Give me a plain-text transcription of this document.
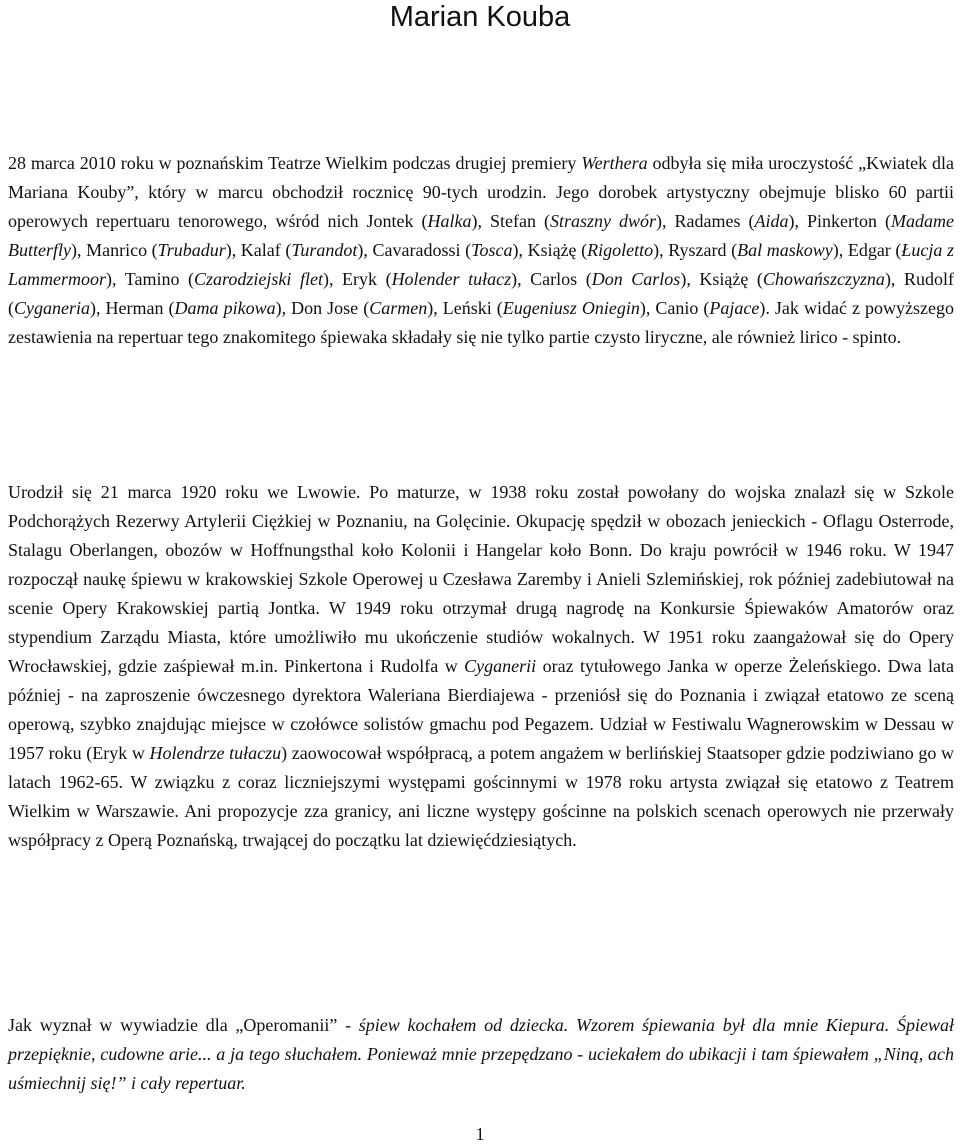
Marian Kouba

28 marca 2010 roku w poznańskim Teatrze Wielkim podczas drugiej premiery Werthera odbyła się miła uroczystość „Kwiatek dla Mariana Kouby”, który w marcu obchodził rocznicę 90-tych urodzin. Jego dorobek artystyczny obejmuje blisko 60 partii operowych repertuaru tenorowego, wśród nich Jontek (Halka), Stefan (Straszny dwór), Radames (Aida), Pinkerton (Madame Butterfly), Manrico (Trubadur), Kalaf (Turandot), Cavaradossi (Tosca), Książę (Rigoletto), Ryszard (Bal maskowy), Edgar (Łucja z Lammermoor), Tamino (Czarodziejski flet), Eryk (Holender tułacz), Carlos (Don Carlos), Książę (Chowańszczyzna), Rudolf (Cyganeria), Herman (Dama pikowa), Don Jose (Carmen), Leński (Eugeniusz Oniegin), Canio (Pajace). Jak widać z powyższego zestawienia na repertuar tego znakomitego śpiewaka składały się nie tylko partie czysto liryczne, ale również lirico - spinto.

Urodził się 21 marca 1920 roku we Lwowie. Po maturze, w 1938 roku został powołany do wojska znalazł się w Szkole Podchorążych Rezerwy Artylerii Ciężkiej w Poznaniu, na Golęcinie. Okupację spędził w obozach jenieckich - Oflagu Osterrode, Stalagu Oberlangen, obozów w Hoffnungsthal koło Kolonii i Hangelar koło Bonn. Do kraju powrócił w 1946 roku. W 1947 rozpoczął naukę śpiewu w krakowskiej Szkole Operowej u Czesława Zaremby i Anieli Szlemińskiej, rok później zadebiutował na scenie Opery Krakowskiej partią Jontka. W 1949 roku otrzymał drugą nagrodę na Konkursie Śpiewaków Amatorów oraz stypendium Zarządu Miasta, które umożliwiło mu ukończenie studiów wokalnych. W 1951 roku zaangażował się do Opery Wrocławskiej, gdzie zaśpiewał m.in. Pinkertona i Rudolfa w Cyganerii oraz tytułowego Janka w operze Żeleńskiego. Dwa lata później - na zaproszenie ówczesnego dyrektora Waleriana Bierdiajewa - przeniósł się do Poznania i związał etatowo ze sceną operową, szybko znajdując miejsce w czołówce solistów gmachu pod Pegazem. Udział w Festiwalu Wagnerowskim w Dessau w 1957 roku (Eryk w Holendrze tułaczu) zaowocował współpracą, a potem angażem w berlińskiej Staatsoper gdzie podziwiano go w latach 1962-65. W związku z coraz liczniejszymi występami gościnnymi w 1978 roku artysta związał się etatowo z Teatrem Wielkim w Warszawie. Ani propozycje zza granicy, ani liczne występy gościnne na polskich scenach operowych nie przerwały współpracy z Operą Poznańską, trwającej do początku lat dziewięćdziesiątych.

Jak wyznał w wywiadzie dla „Operomanii” - śpiew kochałem od dziecka. Wzorem śpiewania był dla mnie Kiepura. Śpiewał przepięknie, cudowne arie... a ja tego słuchałem. Ponieważ mnie przepędzano - uciekałem do ubikacji i tam śpiewałem „Niną, ach uśmiechnij się!” i cały repertuar.

1
